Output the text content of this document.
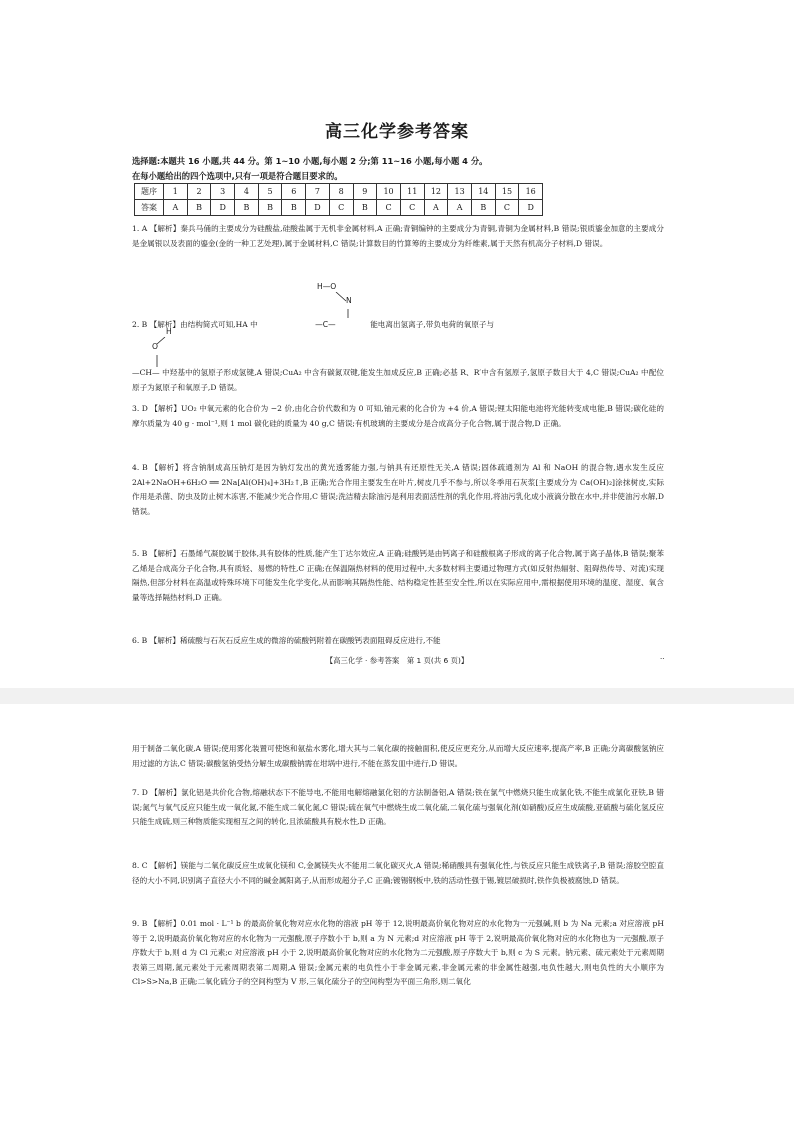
高三化学参考答案
选择题:本题共 16 小题,共 44 分。第 1~10 小题,每小题 2 分;第 11~16 小题,每小题 4 分。
在每小题给出的四个选项中,只有一项是符合题目要求的。
题序	1	2	3	4	5	6	7	8	9	10	11	12	13	14	15	16
答案	A	B	D	B	B	B	D	C	B	C	C	A	A	B	C	D

1. A 【解析】秦兵马俑的主要成分为硅酸盐,硅酸盐属于无机非金属材料,A 正确;青铜编钟的主要成分为青铜,青铜为金属材料,B 错误;银质鎏金加意的主要成分是金属银以及表面的鎏金(金的一种工艺处理),属于金属材料,C 错误;计算数目的竹算筹的主要成分为纤维素,属于天然有机高分子材料,D 错误。

H—O
N
2. B 【解析】由结构简式可知,HA 中	—C—	能电离出氢离子,带负电荷的氧原子与
H
O

—CH— 中羟基中的氢原子形成氢键,A 错误;CuA₂ 中含有碳氮双键,能发生加成反应,B 正确;必基 R、R′中含有氢原子,氢原子数目大于 4,C 错误;CuA₂ 中配位原子为氮原子和氧原子,D 错误。

3. D 【解析】UO₂ 中氧元素的化合价为 −2 价,由化合价代数和为 0 可知,铀元素的化合价为 +4 价,A 错误;锂太阳能电池将光能转变成电能,B 错误;碳化硅的摩尔质量为 40 g · mol⁻¹,则 1 mol 碳化硅的质量为 40 g,C 错误;有机玻璃的主要成分是合成高分子化合物,属于混合物,D 正确。

4. B 【解析】将含钠制成高压钠灯是因为钠灯发出的黄光透雾能力强,与钠具有还原性无关,A 错误;固体疏通剂为 Al 和 NaOH 的混合物,遇水发生反应 2Al+2NaOH+6H₂O ══ 2Na[Al(OH)₄]+3H₂↑,B 正确;光合作用主要发生在叶片,树皮几乎不参与,所以冬季用石灰浆[主要成分为 Ca(OH)₂]涂抹树皮,实际作用是杀菌、防虫及防止树木冻害,不能减少光合作用,C 错误;洗洁精去除油污是利用表面活性剂的乳化作用,将油污乳化成小液滴分散在水中,并非使油污水解,D 错误。

5. B 【解析】石墨烯气凝胶属于胶体,具有胶体的性质,能产生丁达尔效应,A 正确;硅酸钙是由钙离子和硅酸根离子形成的离子化合物,属于离子晶体,B 错误;聚苯乙烯是合成高分子化合物,具有质轻、易燃的特性,C 正确;在保温隔热材料的使用过程中,大多数材料主要通过物理方式(如反射热辐射、阻碍热传导、对流)实现隔热,但部分材料在高温或特殊环境下可能发生化学变化,从而影响其隔热性能、结构稳定性甚至安全性,所以在实际应用中,需根据使用环境的温度、湿度、氧含量等选择隔热材料,D 正确。

6. B 【解析】稀硫酸与石灰石反应生成的微溶的硫酸钙附着在碳酸钙表面阻碍反应进行,不能

【高三化学 · 参考答案　第 1 页(共 6 页)】	..

用于制备二氧化碳,A 错误;使用雾化装置可使饱和氨盐水雾化,增大其与二氧化碳的接触面积,使反应更充分,从而增大反应速率,提高产率,B 正确;分离碳酸氢钠应用过滤的方法,C 错误;碳酸氢钠受热分解生成碳酸钠需在坩埚中进行,不能在蒸发皿中进行,D 错误。

7. D 【解析】氯化铝是共价化合物,熔融状态下不能导电,不能用电解熔融氯化铝的方法制备铝,A 错误;铁在氯气中燃烧只能生成氯化铁,不能生成氯化亚铁,B 错误;氮气与氧气反应只能生成一氧化氮,不能生成二氧化氮,C 错误;硫在氧气中燃烧生成二氧化硫,二氧化硫与强氧化剂(如硝酸)反应生成硫酸,亚硫酸与硫化氢反应只能生成硫,则三种物质能实现相互之间的转化,且浓硫酸具有脱水性,D 正确。

8. C 【解析】镁能与二氧化碳反应生成氧化镁和 C,金属镁失火不能用二氧化碳灭火,A 错误;稀硝酸具有强氧化性,与铁反应只能生成铁离子,B 错误;溶胶空腔直径的大小不同,识别离子直径大小不同的碱金属阳离子,从而形成超分子,C 正确;镀锡钢板中,铁的活动性强于锡,镀层破损时,铁作负极被腐蚀,D 错误。

9. B 【解析】0.01 mol · L⁻¹ b 的最高价氧化物对应水化物的溶液 pH 等于 12,说明最高价氧化物对应的水化物为一元强碱,则 b 为 Na 元素;a 对应溶液 pH 等于 2,说明最高价氧化物对应的水化物为一元强酸,原子序数小于 b,则 a 为 N 元素;d 对应溶液 pH 等于 2,说明最高价氧化物对应的水化物也为一元强酸,原子序数大于 b,则 d 为 Cl 元素;c 对应溶液 pH 小于 2,说明最高价氧化物对应的水化物为二元强酸,原子序数大于 b,则 c 为 S 元素。钠元素、硫元素处于元素周期表第三周期,氮元素处于元素周期表第二周期,A 错误;金属元素的电负性小于非金属元素,非金属元素的非金属性越强,电负性越大,则电负性的大小顺序为 Cl>S>Na,B 正确;二氧化硫分子的空间构型为 V 形,三氧化硫分子的空间构型为平面三角形,则二氧化
